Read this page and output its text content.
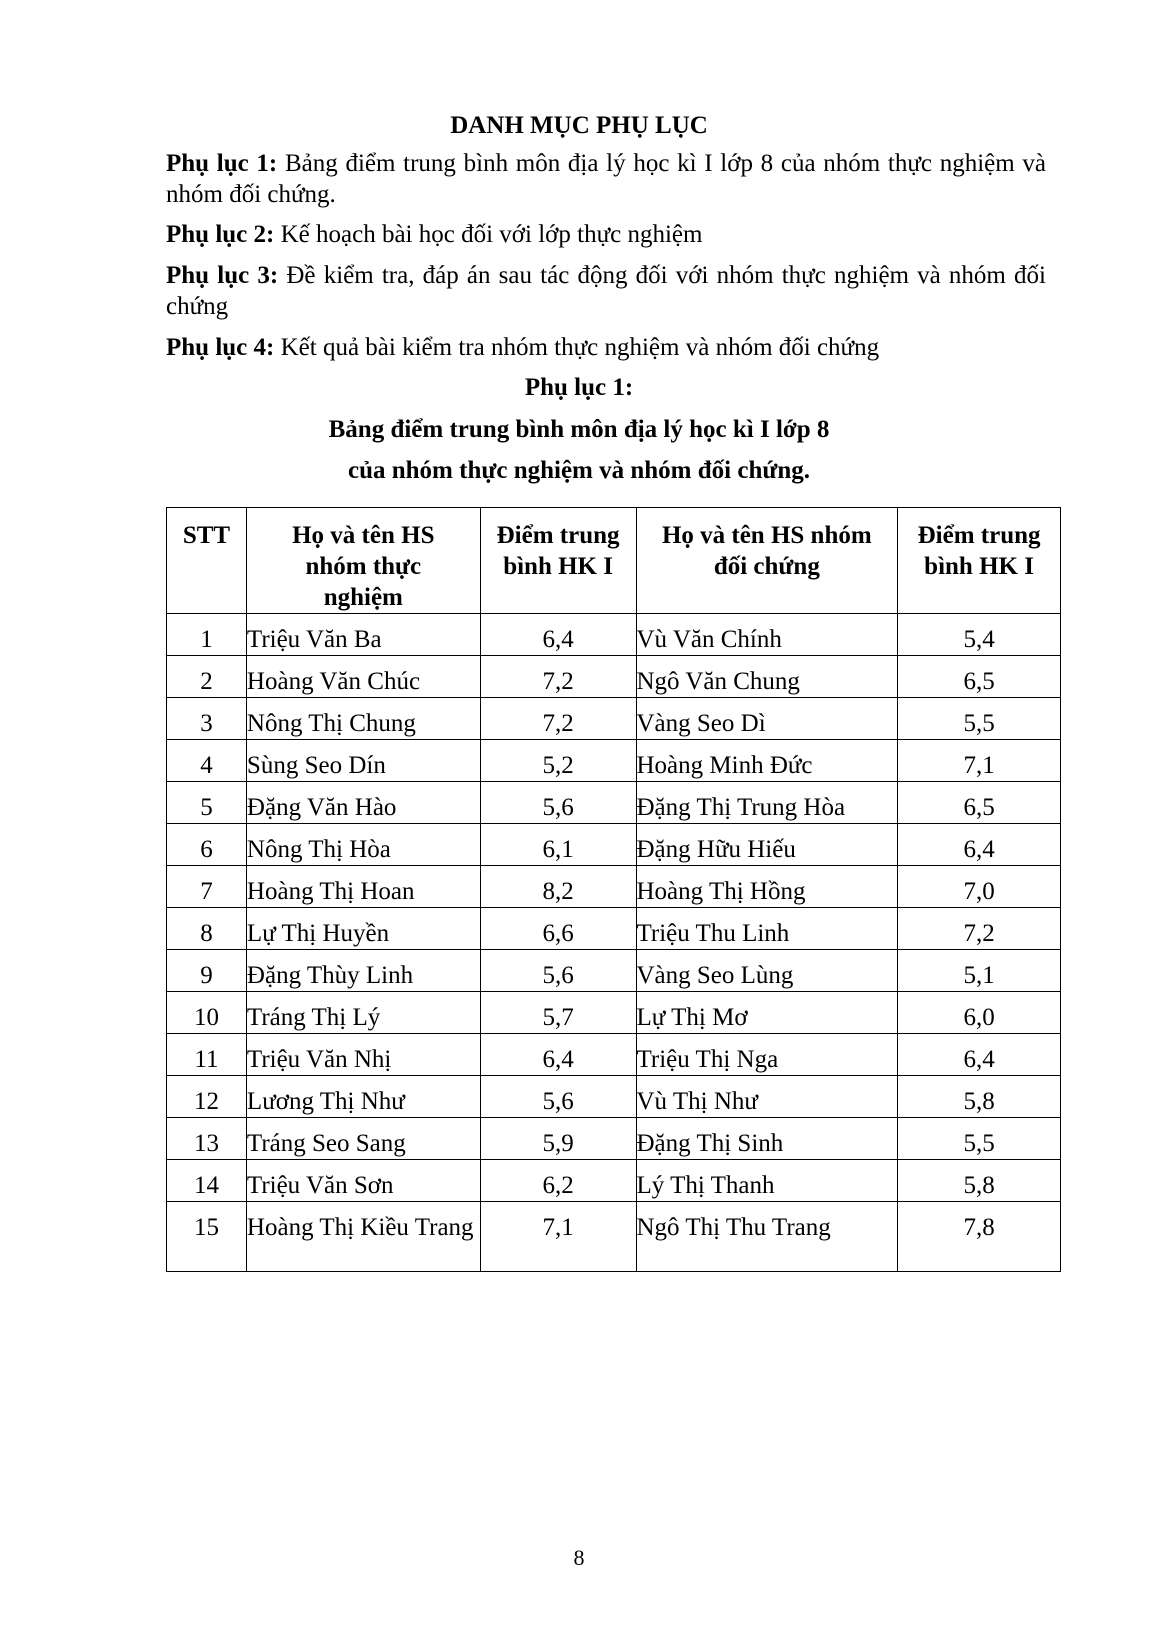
DANH MỤC PHỤ LỤC
Phụ lục 1: Bảng điểm trung bình môn địa lý học kì I lớp 8 của nhóm thực nghiệm và nhóm đối chứng.
Phụ lục 2: Kế hoạch bài học đối với lớp thực nghiệm
Phụ lục 3: Đề kiểm tra, đáp án sau tác động đối với nhóm thực nghiệm và nhóm đối chứng
Phụ lục 4: Kết quả bài kiểm tra nhóm thực nghiệm và nhóm đối chứng
Phụ lục 1:
Bảng điểm trung bình môn địa lý học kì I lớp 8
của nhóm thực nghiệm và nhóm đối chứng.
STT	Họ và tên HS nhóm thực nghiệm	Điểm trung bình HK I	Họ và tên HS nhóm đối chứng	Điểm trung bình HK I
1	Triệu Văn Ba	6,4	Vù Văn Chính	5,4
2	Hoàng Văn Chúc	7,2	Ngô Văn Chung	6,5
3	Nông Thị Chung	7,2	Vàng Seo Dì	5,5
4	Sùng Seo Dín	5,2	Hoàng Minh Đức	7,1
5	Đặng Văn Hào	5,6	Đặng Thị Trung Hòa	6,5
6	Nông Thị Hòa	6,1	Đặng Hữu Hiếu	6,4
7	Hoàng Thị Hoan	8,2	Hoàng Thị Hồng	7,0
8	Lự Thị Huyền	6,6	Triệu Thu Linh	7,2
9	Đặng Thùy Linh	5,6	Vàng Seo Lùng	5,1
10	Tráng Thị Lý	5,7	Lự Thị Mơ	6,0
11	Triệu Văn Nhị	6,4	Triệu Thị Nga	6,4
12	Lương Thị Như	5,6	Vù Thị Như	5,8
13	Tráng Seo Sang	5,9	Đặng Thị Sinh	5,5
14	Triệu Văn Sơn	6,2	Lý Thị Thanh	5,8
15	Hoàng Thị Kiều Trang	7,1	Ngô Thị Thu Trang	7,8
8
